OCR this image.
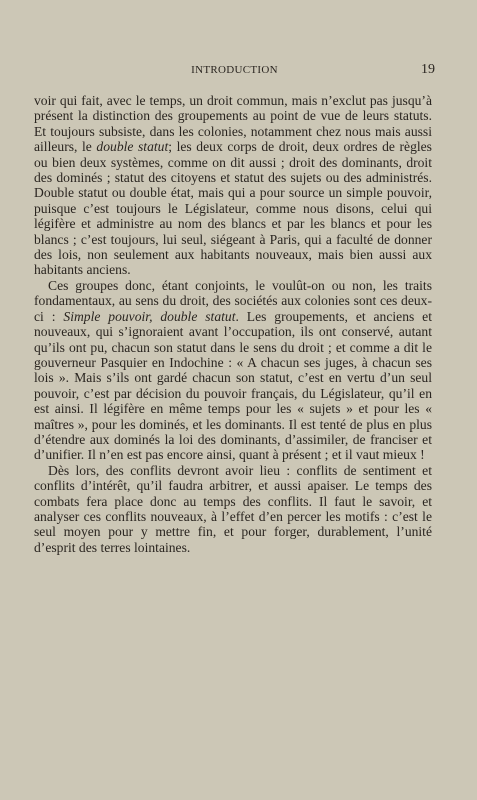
INTRODUCTION	19

voir qui fait, avec le temps, un droit commun, mais n’exclut pas jusqu’à présent la distinction des groupements au point de vue de leurs statuts. Et toujours subsiste, dans les colonies, notamment chez nous mais aussi ailleurs, le double statut; les deux corps de droit, deux ordres de règles ou bien deux systèmes, comme on dit aussi ; droit des dominants, droit des dominés ; statut des citoyens et statut des sujets ou des administrés. Double statut ou double état, mais qui a pour source un simple pouvoir, puisque c’est toujours le Législateur, comme nous disons, celui qui légifère et administre au nom des blancs et par les blancs et pour les blancs ; c’est toujours, lui seul, siégeant à Paris, qui a faculté de donner des lois, non seulement aux habitants nouveaux, mais bien aussi aux habitants anciens.

Ces groupes donc, étant conjoints, le voulût-on ou non, les traits fondamentaux, au sens du droit, des sociétés aux colonies sont ces deux-ci : Simple pouvoir, double statut. Les groupements, et anciens et nouveaux, qui s’ignoraient avant l’occupation, ils ont conservé, autant qu’ils ont pu, chacun son statut dans le sens du droit ; et comme a dit le gouverneur Pasquier en Indochine : « A chacun ses juges, à chacun ses lois ». Mais s’ils ont gardé chacun son statut, c’est en vertu d’un seul pouvoir, c’est par décision du pouvoir français, du Législateur, qu’il en est ainsi. Il légifère en même temps pour les « sujets » et pour les « maîtres », pour les dominés, et les dominants. Il est tenté de plus en plus d’étendre aux dominés la loi des dominants, d’assimiler, de franciser et d’unifier. Il n’en est pas encore ainsi, quant à présent ; et il vaut mieux !

Dès lors, des conflits devront avoir lieu : conflits de sentiment et conflits d’intérêt, qu’il faudra arbitrer, et aussi apaiser. Le temps des combats fera place donc au temps des conflits. Il faut le savoir, et analyser ces conflits nouveaux, à l’effet d’en percer les motifs : c’est le seul moyen pour y mettre fin, et pour forger, durablement, l’unité d’esprit des terres lointaines.
